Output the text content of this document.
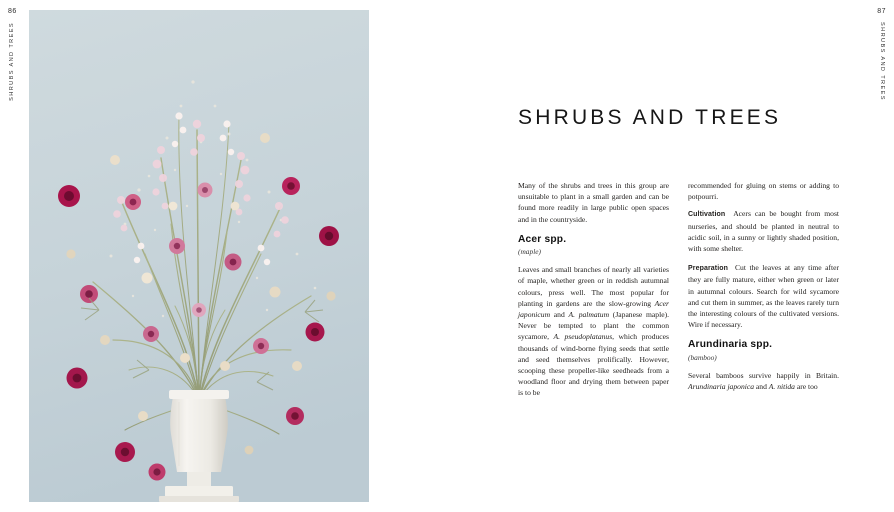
86
SHRUBS AND TREES
87
SHRUBS AND TREES
SHRUBS AND TREES

Many of the shrubs and trees in this group are unsuitable to plant in a small garden and can be found more readily in large public open spaces and in the countryside.

Acer spp.
(maple)

Leaves and small branches of nearly all varieties of maple, whether green or in reddish autumnal colours, press well. The most popular for planting in gardens are the slow-growing Acer japonicum and A. palmatum (Japanese maple). Never be tempted to plant the common sycamore, A. pseudoplatanus, which produces thousands of wind-borne flying seeds that settle and seed themselves prolifically. However, scooping these propeller-like seedheads from a woodland floor and drying them between paper is to be

recommended for gluing on stems or adding to potpourri.

Cultivation Acers can be bought from most nurseries, and should be planted in neutral to acidic soil, in a sunny or lightly shaded position, with some shelter.

Preparation Cut the leaves at any time after they are fully mature, either when green or later in autumnal colours. Search for wild sycamore and cut them in summer, as the leaves rarely turn the interesting colours of the cultivated versions. Wire if necessary.

Arundinaria spp.
(bamboo)

Several bamboos survive happily in Britain. Arundinaria japonica and A. nitida are too
